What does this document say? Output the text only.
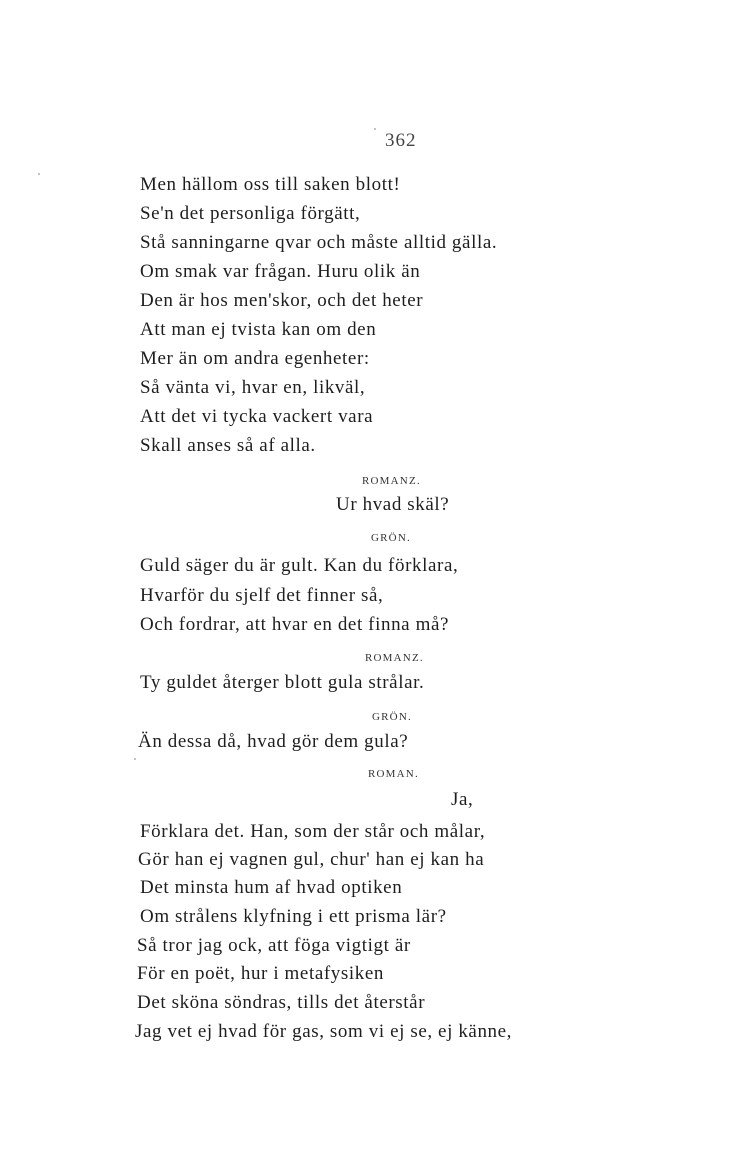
362
Men hällom oss till saken blott!
Se'n det personliga förgätt,
Stå sanningarne qvar och måste alltid gälla.
Om smak var frågan. Huru olik än
Den är hos men'skor, och det heter
Att man ej tvista kan om den
Mer än om andra egenheter:
Så vänta vi, hvar en, likväl,
Att det vi tycka vackert vara
Skall anses så af alla.
ROMANZ.
Ur hvad skäl?
GRÖN.
Guld säger du är gult. Kan du förklara,
Hvarför du sjelf det finner så,
Och fordrar, att hvar en det finna må?
ROMANZ.
Ty guldet återger blott gula strålar.
GRÖN.
Än dessa då, hvad gör dem gula?
ROMAN.
Ja,
Förklara det. Han, som der står och målar,
Gör han ej vagnen gul, chur' han ej kan ha
Det minsta hum af hvad optiken
Om strålens klyfning i ett prisma lär?
Så tror jag ock, att föga vigtigt är
För en poët, hur i metafysiken
Det sköna söndras, tills det återstår
Jag vet ej hvad för gas, som vi ej se, ej känne,
